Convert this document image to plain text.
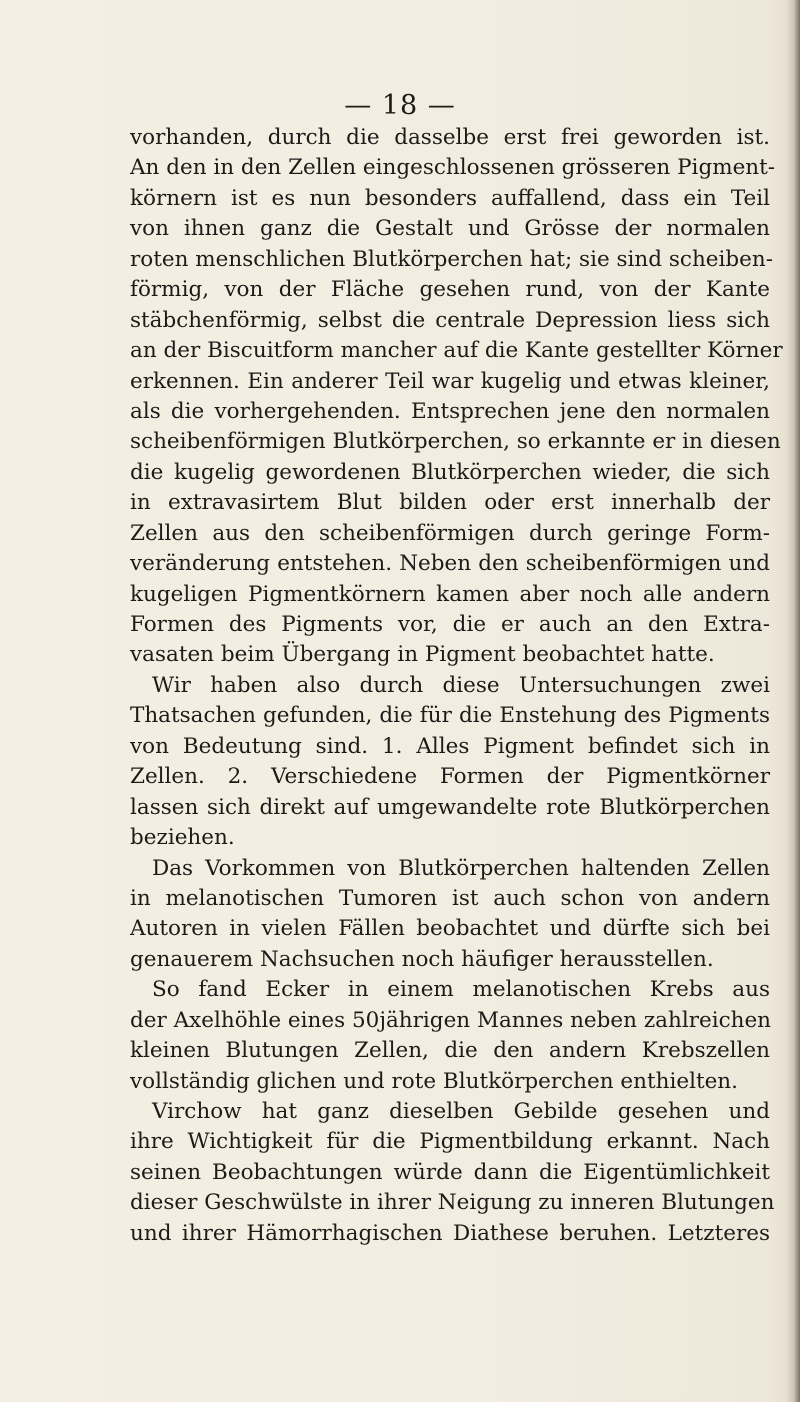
— 18 —
vorhanden, durch die dasselbe erst frei geworden ist.
An den in den Zellen eingeschlossenen grösseren Pigment-
körnern ist es nun besonders auffallend, dass ein Teil
von ihnen ganz die Gestalt und Grösse der normalen
roten menschlichen Blutkörperchen hat; sie sind scheiben-
förmig, von der Fläche gesehen rund, von der Kante
stäbchenförmig, selbst die centrale Depression liess sich
an der Biscuitform mancher auf die Kante gestellter Körner
erkennen. Ein anderer Teil war kugelig und etwas kleiner,
als die vorhergehenden. Entsprechen jene den normalen
scheibenförmigen Blutkörperchen, so erkannte er in diesen
die kugelig gewordenen Blutkörperchen wieder, die sich
in extravasirtem Blut bilden oder erst innerhalb der
Zellen aus den scheibenförmigen durch geringe Form-
veränderung entstehen. Neben den scheibenförmigen und
kugeligen Pigmentkörnern kamen aber noch alle andern
Formen des Pigments vor, die er auch an den Extra-
vasaten beim Übergang in Pigment beobachtet hatte.
Wir haben also durch diese Untersuchungen zwei
Thatsachen gefunden, die für die Enstehung des Pigments
von Bedeutung sind. 1. Alles Pigment befindet sich in
Zellen. 2. Verschiedene Formen der Pigmentkörner
lassen sich direkt auf umgewandelte rote Blutkörperchen
beziehen.
Das Vorkommen von Blutkörperchen haltenden Zellen
in melanotischen Tumoren ist auch schon von andern
Autoren in vielen Fällen beobachtet und dürfte sich bei
genauerem Nachsuchen noch häufiger herausstellen.
So fand Ecker in einem melanotischen Krebs aus
der Axelhöhle eines 50jährigen Mannes neben zahlreichen
kleinen Blutungen Zellen, die den andern Krebszellen
vollständig glichen und rote Blutkörperchen enthielten.
Virchow hat ganz dieselben Gebilde gesehen und
ihre Wichtigkeit für die Pigmentbildung erkannt. Nach
seinen Beobachtungen würde dann die Eigentümlichkeit
dieser Geschwülste in ihrer Neigung zu inneren Blutungen
und ihrer Hämorrhagischen Diathese beruhen. Letzteres
